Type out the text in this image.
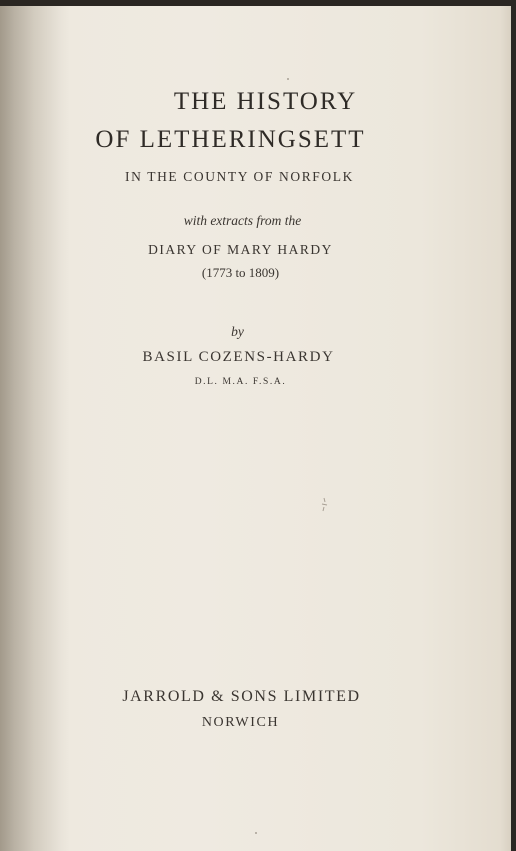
THE HISTORY

OF LETHERINGSETT

IN THE COUNTY OF NORFOLK

with extracts from the

DIARY OF MARY HARDY

(1773 to 1809)

by

BASIL COZENS-HARDY

D.L. M.A. F.S.A.

JARROLD & SONS LIMITED

NORWICH
